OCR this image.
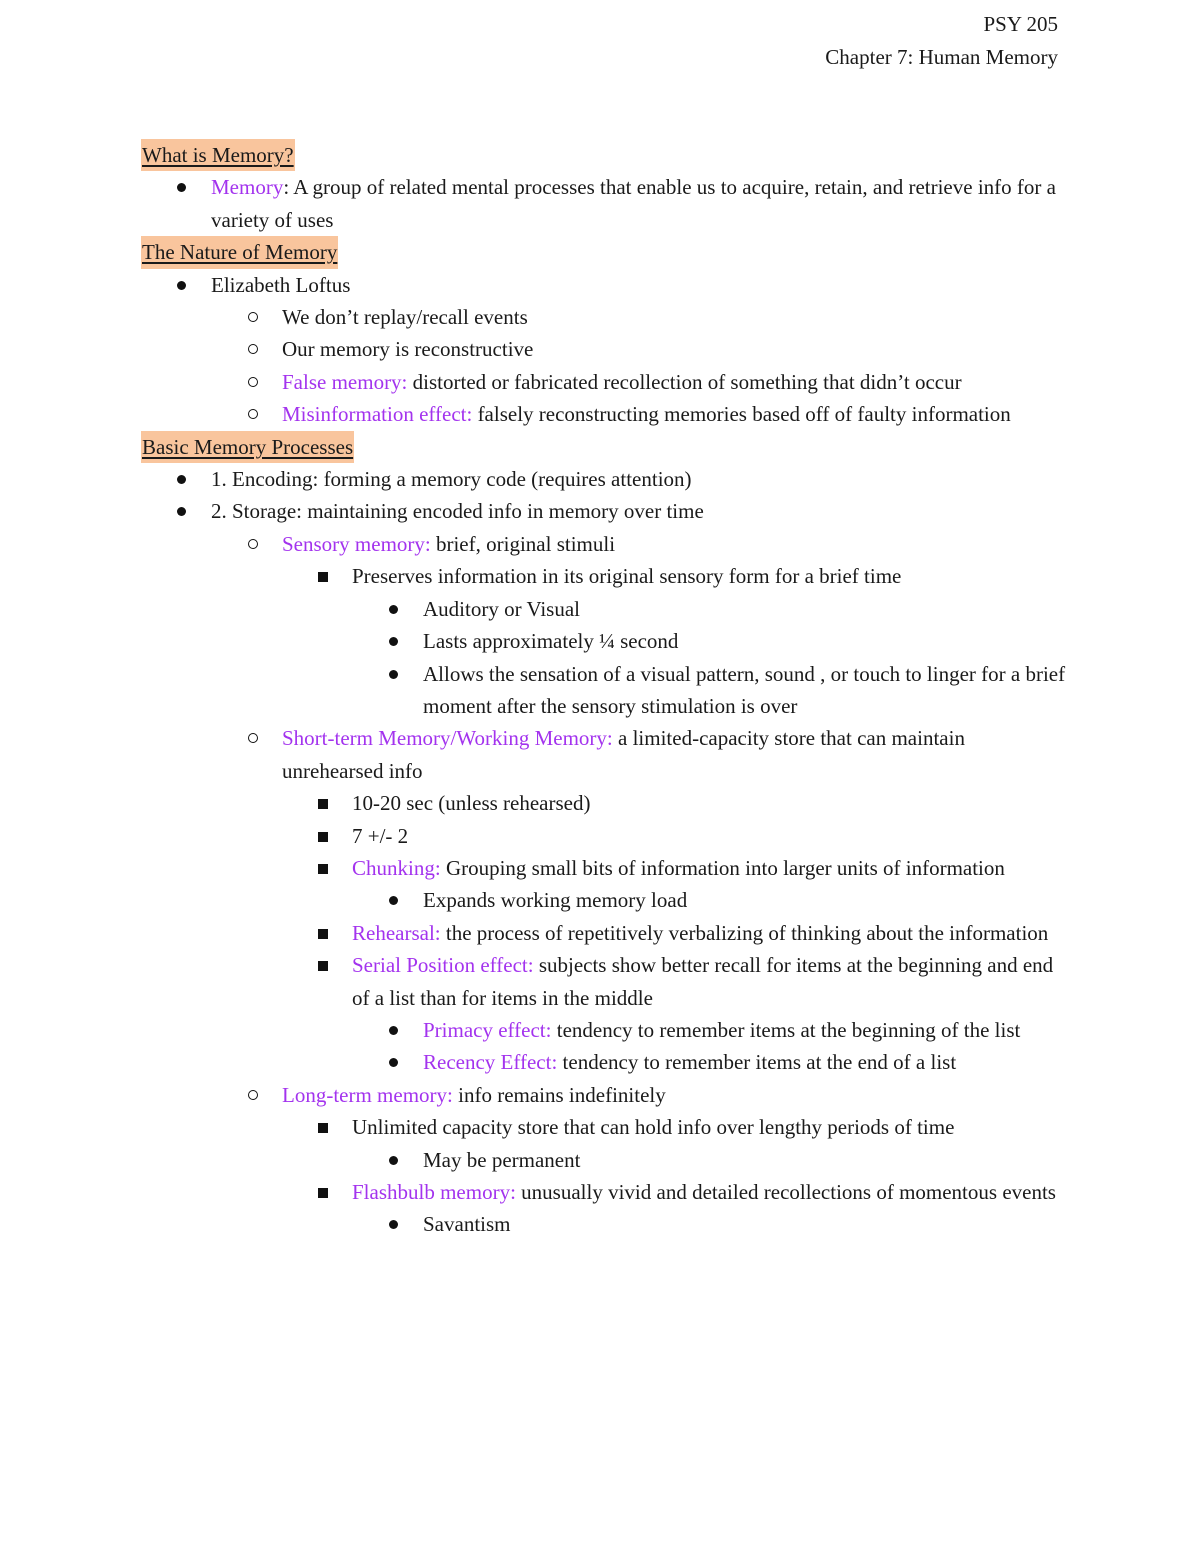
PSY 205
Chapter 7: Human Memory
What is Memory?
Memory: A group of related mental processes that enable us to acquire, retain, and retrieve info for a variety of uses
The Nature of Memory
Elizabeth Loftus
We don’t replay/recall events
Our memory is reconstructive
False memory: distorted or fabricated recollection of something that didn’t occur
Misinformation effect: falsely reconstructing memories based off of faulty information
Basic Memory Processes
1. Encoding: forming a memory code (requires attention)
2. Storage: maintaining encoded info in memory over time
Sensory memory: brief, original stimuli
Preserves information in its original sensory form for a brief time
Auditory or Visual
Lasts approximately ¼ second
Allows the sensation of a visual pattern, sound , or touch to linger for a brief moment after the sensory stimulation is over
Short-term Memory/Working Memory: a limited-capacity store that can maintain unrehearsed info
10-20 sec (unless rehearsed)
7 +/- 2
Chunking: Grouping small bits of information into larger units of information
Expands working memory load
Rehearsal: the process of repetitively verbalizing of thinking about the information
Serial Position effect: subjects show better recall for items at the beginning and end of a list than for items in the middle
Primacy effect: tendency to remember items at the beginning of the list
Recency Effect: tendency to remember items at the end of a list
Long-term memory: info remains indefinitely
Unlimited capacity store that can hold info over lengthy periods of time
May be permanent
Flashbulb memory: unusually vivid and detailed recollections of momentous events
Savantism
